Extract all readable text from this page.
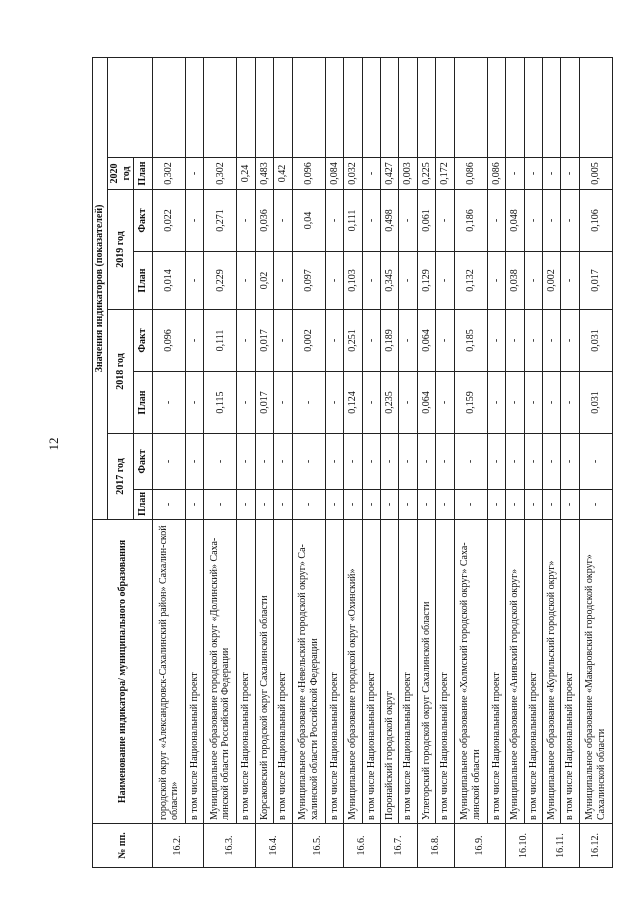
12
№ пп.	Наименование индикатора/ муниципального образования	Значения индикаторов (показателей)							
		2017 год		2018 год		2019 год		2020 год	
		План	Факт	План	Факт	План	Факт	План	
16.2.	городской округ «Александровск-Сахалинский район» Сахалин-ской области»	-	-	-	0,096	0,014	0,022	0,302	
	в том числе Национальный проект	-	-	-	-	-	-	-	
16.3.	Муниципальное образование городской округ «Долинский» Саха-линской области Российской Федерации	-	-	0,115	0,111	0,229	0,271	0,302	
	в том числе Национальный проект	-	-	-	-	-	-	0,24	
16.4.	Корсаковский городской округ Сахалинской области	-	-	0,017	0,017	0,02	0,036	0,483	
	в том числе Национальный проект	-	-	-	-	-	-	0,42	
16.5.	Муниципальное образование «Невельский городской округ» Са-халинской области Российской Федерации	-	-	-	0,002	0,097	0,04	0,096	
	в том числе Национальный проект	-	-	-	-	-	-	0,084	
16.6.	Муниципальное образование городской округ «Охинский»	-	-	0,124	0,251	0,103	0,111	0,032	
	в том числе Национальный проект	-	-	-	-	-	-	-	
16.7.	Поронайский городской округ	-	-	0,235	0,189	0,345	0,498	0,427	
	в том числе Национальный проект	-	-	-	-	-	-	0,003	
16.8.	Углегорский городской округ Сахалинской области	-	-	0,064	0,064	0,129	0,061	0,225	
	в том числе Национальный проект	-	-	-	-	-	-	0,172	
16.9.	Муниципальное образование «Холмский городской округ» Саха-линской области	-	-	0,159	0,185	0,132	0,186	0,086	
	в том числе Национальный проект	-	-	-	-	-	-	0,086	
16.10.	Муниципальное образование «Анивский городской округ»	-	-	-	-	0,038	0,048	-	
	в том числе Национальный проект	-	-	-	-	-	-	-	
16.11.	Муниципальное образование «Курильский городской округ»	-	-	-	-	0,002	-	-	
	в том числе Национальный проект	-	-	-	-	-	-	-	
16.12.	Муниципальное образование «Макаровский городской округ» Сахалинской области	-	-	0,031	0,031	0,017	0,106	0,005	
